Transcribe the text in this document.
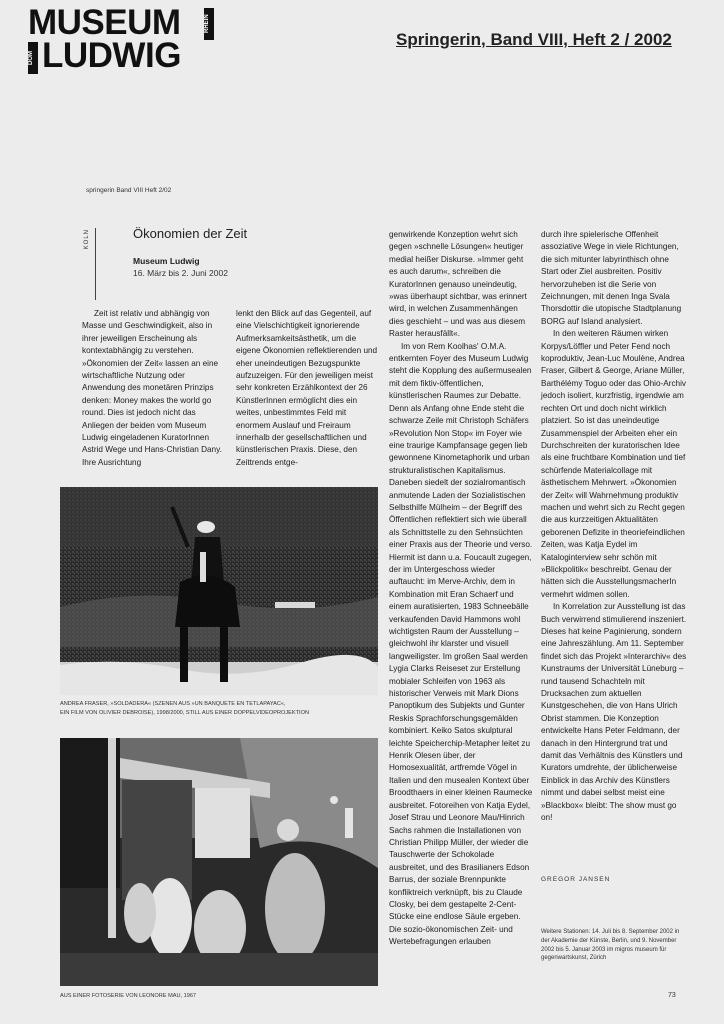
MUSEUM
LUDWIG
DOM
RHEIN
Springerin, Band VIII, Heft 2 / 2002
springerin Band VIII Heft 2/02
KÖLN	Ökonomien der Zeit
Museum Ludwig
16. März bis 2. Juni 2002

Zeit ist relativ und abhängig von Masse und Geschwindigkeit, also in ihrer jeweiligen Erscheinung als kontextabhängig zu verstehen. »Ökonomien der Zeit« lassen an eine wirtschaftliche Nutzung oder Anwendung des monetären Prinzips denken: Money makes the world go round. Dies ist jedoch nicht das Anliegen der beiden vom Museum Ludwig eingeladenen KuratorInnen Astrid Wege und Hans-Christian Dany. Ihre Ausrichtung

lenkt den Blick auf das Gegenteil, auf eine Vielschichtigkeit ignorierende Aufmerksamkeitsästhetik, um die eigene Ökonomien reflektierenden und eher uneindeutigen Bezugspunkte aufzuzeigen. Für den jeweiligen meist sehr konkreten Erzählkontext der 26 KünstlerInnen ermöglicht dies ein weites, unbestimmtes Feld mit enormem Auslauf und Freiraum innerhalb der gesellschaftlichen und künstlerischen Praxis. Diese, den Zeittrends entge-

genwirkende Konzeption wehrt sich gegen »schnelle Lösungen« heutiger medial heißer Diskurse. »Immer geht es auch darum«, schreiben die KuratorInnen genauso uneindeutig, »was überhaupt sichtbar, was erinnert wird, in welchen Zusammenhängen dies geschieht – und was aus diesem Raster herausfällt«.

Im von Rem Koolhas' O.M.A. entkernten Foyer des Museum Ludwig steht die Kopplung des außermusealen mit dem fiktiv-öffentlichen, künstlerischen Raumes zur Debatte. Denn als Anfang ohne Ende steht die schwarze Zeile mit Christoph Schäfers »Revolution Non Stop« im Foyer wie eine traurige Kampfansage gegen lieb gewonnene Kinometaphorik und urban strukturalistischen Kapitalismus. Daneben siedelt der sozialromantisch anmutende Laden der Sozialistischen Selbsthilfe Mülheim – der Begriff des Öffentlichen reflektiert sich wie überall als Schnittstelle zu den Sehnsüchten einer Praxis aus der Theorie und verso. Hiermit ist dann u.a. Foucault zugegen, der im Untergeschoss wieder auftaucht: im Merve-Archiv, dem in Kombination mit Eran Schaerf und einem auratisierten, 1983 Schneebälle verkaufenden David Hammons wohl wichtigsten Raum der Ausstellung – gleichwohl ihr klarster und visuell langweiligster. Im großen Saal werden Lygia Clarks Reiseset zur Erstellung mobialer Schleifen von 1963 als historischer Verweis mit Mark Dions Panoptikum des Subjekts und Gunter Reskis Sprachforschungsgemälden kombiniert. Keiko Satos skulptural leichte Speicherchip-Metapher leitet zu Henrik Olesen über, der Homosexualität, artfremde Vögel in Italien und den musealen Kontext über Broodthaers in einer kleinen Raumecke ausbreitet. Fotoreihen von Katja Eydel, Josef Strau und Leonore Mau/Hinrich Sachs rahmen die Installationen von Christian Philipp Müller, der wieder die Tauschwerte der Schokolade ausbreitet, und des Brasilianers Edson Barrus, der soziale Brennpunkte konfliktreich verknüpft, bis zu Claude Closky, bei dem gestapelte 2-Cent-Stücke eine endlose Säule ergeben. Die sozio-ökonomischen Zeit- und Wertebefragungen erlauben

durch ihre spielerische Offenheit assoziative Wege in viele Richtungen, die sich mitunter labyrinthisch ohne Start oder Ziel ausbreiten. Positiv hervorzuheben ist die Serie von Zeichnungen, mit denen Inga Svala Thorsdottir die utopische Stadtplanung BORG auf Island analysiert.

In den weiteren Räumen wirken Korpys/Löffler und Peter Fend noch koproduktiv, Jean-Luc Moulène, Andrea Fraser, Gilbert & George, Ariane Müller, Barthélémy Toguo oder das Ohio-Archiv jedoch isoliert, kurzfristig, irgendwie am rechten Ort und doch nicht wirklich platziert. So ist das uneindeutige Zusammenspiel der Arbeiten eher ein Durchschreiten der kuratorischen Idee als eine fruchtbare Kombination und tief schürfende Materialcollage mit ästhetischem Mehrwert. »Ökonomien der Zeit« will Wahrnehmung produktiv machen und wehrt sich zu Recht gegen die aus kurzzeitigen Aktualitäten geborenen Defizite in theoriefeindlichen Zeiten, was Katja Eydel im Kataloginterview sehr schön mit »Blickpolitik« beschreibt. Genau der hätten sich die AusstellungsmacherIn vermehrt widmen sollen.

In Korrelation zur Ausstellung ist das Buch verwirrend stimulierend inszeniert. Dieses hat keine Paginierung, sondern eine Jahreszählung. Am 11. September findet sich das Projekt »Interarchiv« des Kunstraums der Universität Lüneburg – rund tausend Schachteln mit Drucksachen zum aktuellen Kunstgeschehen, die von Hans Ulrich Obrist stammen. Die Konzeption entwickelte Hans Peter Feldmann, der danach in den Hintergrund trat und damit das Verhältnis des Künstlers und Kurators umdrehte, der üblicherweise Einblick in das Archiv des Künstlers nimmt und dabei selbst meist eine »Blackbox« bleibt: The show must go on!

GREGOR JANSEN
Weitere Stationen: 14. Juli bis 8. September 2002 in der Akademie der Künste, Berlin, und 9. November 2002 bis 5. Januar 2003 im migros museum für gegenwartskunst, Zürich
ANDREA FRASER, »SOLDADERA« (SZENEN AUS »UN BANQUETE EN TETLAPAYAC«,
EIN FILM VON OLIVIER DEBROISE), 1998/2000, STILL AUS EINER DOPPELVIDEOPROJEKTION
AUS EINER FOTOSERIE VON LEONORE MAU, 1967	73
